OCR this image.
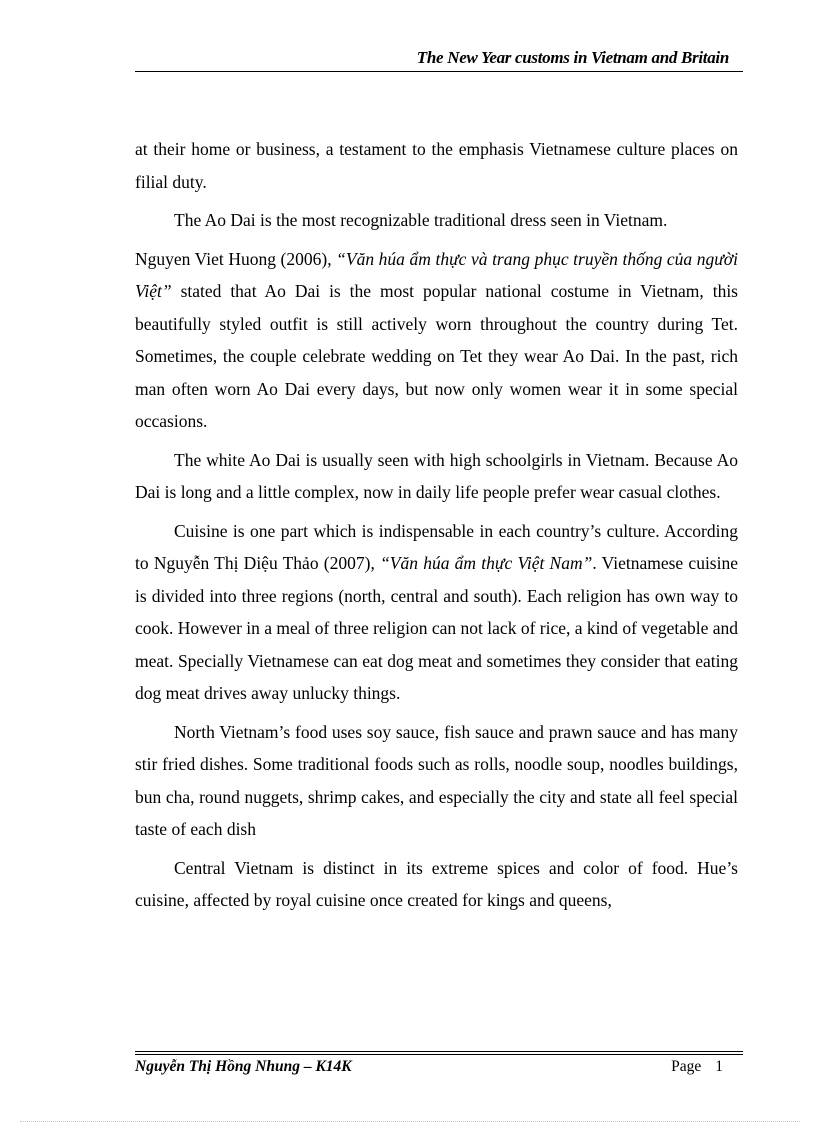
The New Year customs in Vietnam and Britain

at their home or business, a testament to the emphasis Vietnamese culture places on filial duty.

The Ao Dai is the most recognizable traditional dress seen in Vietnam.

Nguyen Viet Huong (2006), “Văn húa ẩm thực và trang phục truyền thống của người Việt” stated that Ao Dai is the most popular national costume in Vietnam, this beautifully styled outfit is still actively worn throughout the country during Tet. Sometimes, the couple celebrate wedding on Tet they wear Ao Dai. In the past, rich man often worn Ao Dai every days, but now only women wear it in some special occasions.

The white Ao Dai is usually seen with high schoolgirls in Vietnam. Because Ao Dai is long and a little complex, now in daily life people prefer wear casual clothes.

Cuisine is one part which is indispensable in each country’s culture. According to Nguyễn Thị Diệu Thảo (2007), “Văn húa ẩm thực Việt Nam”. Vietnamese cuisine is divided into three regions (north, central and south). Each religion has own way to cook. However in a meal of three religion can not lack of rice, a kind of vegetable and meat. Specially Vietnamese can eat dog meat and sometimes they consider that eating dog meat drives away unlucky things.

North Vietnam’s food uses soy sauce, fish sauce and prawn sauce and has many stir fried dishes. Some traditional foods such as rolls, noodle soup, noodles buildings, bun cha, round nuggets, shrimp cakes, and especially the city and state all feel special taste of each dish

Central Vietnam is distinct in its extreme spices and color of food. Hue’s cuisine, affected by royal cuisine once created for kings and queens,

Nguyễn Thị Hồng Nhung – K14K	Page 1
